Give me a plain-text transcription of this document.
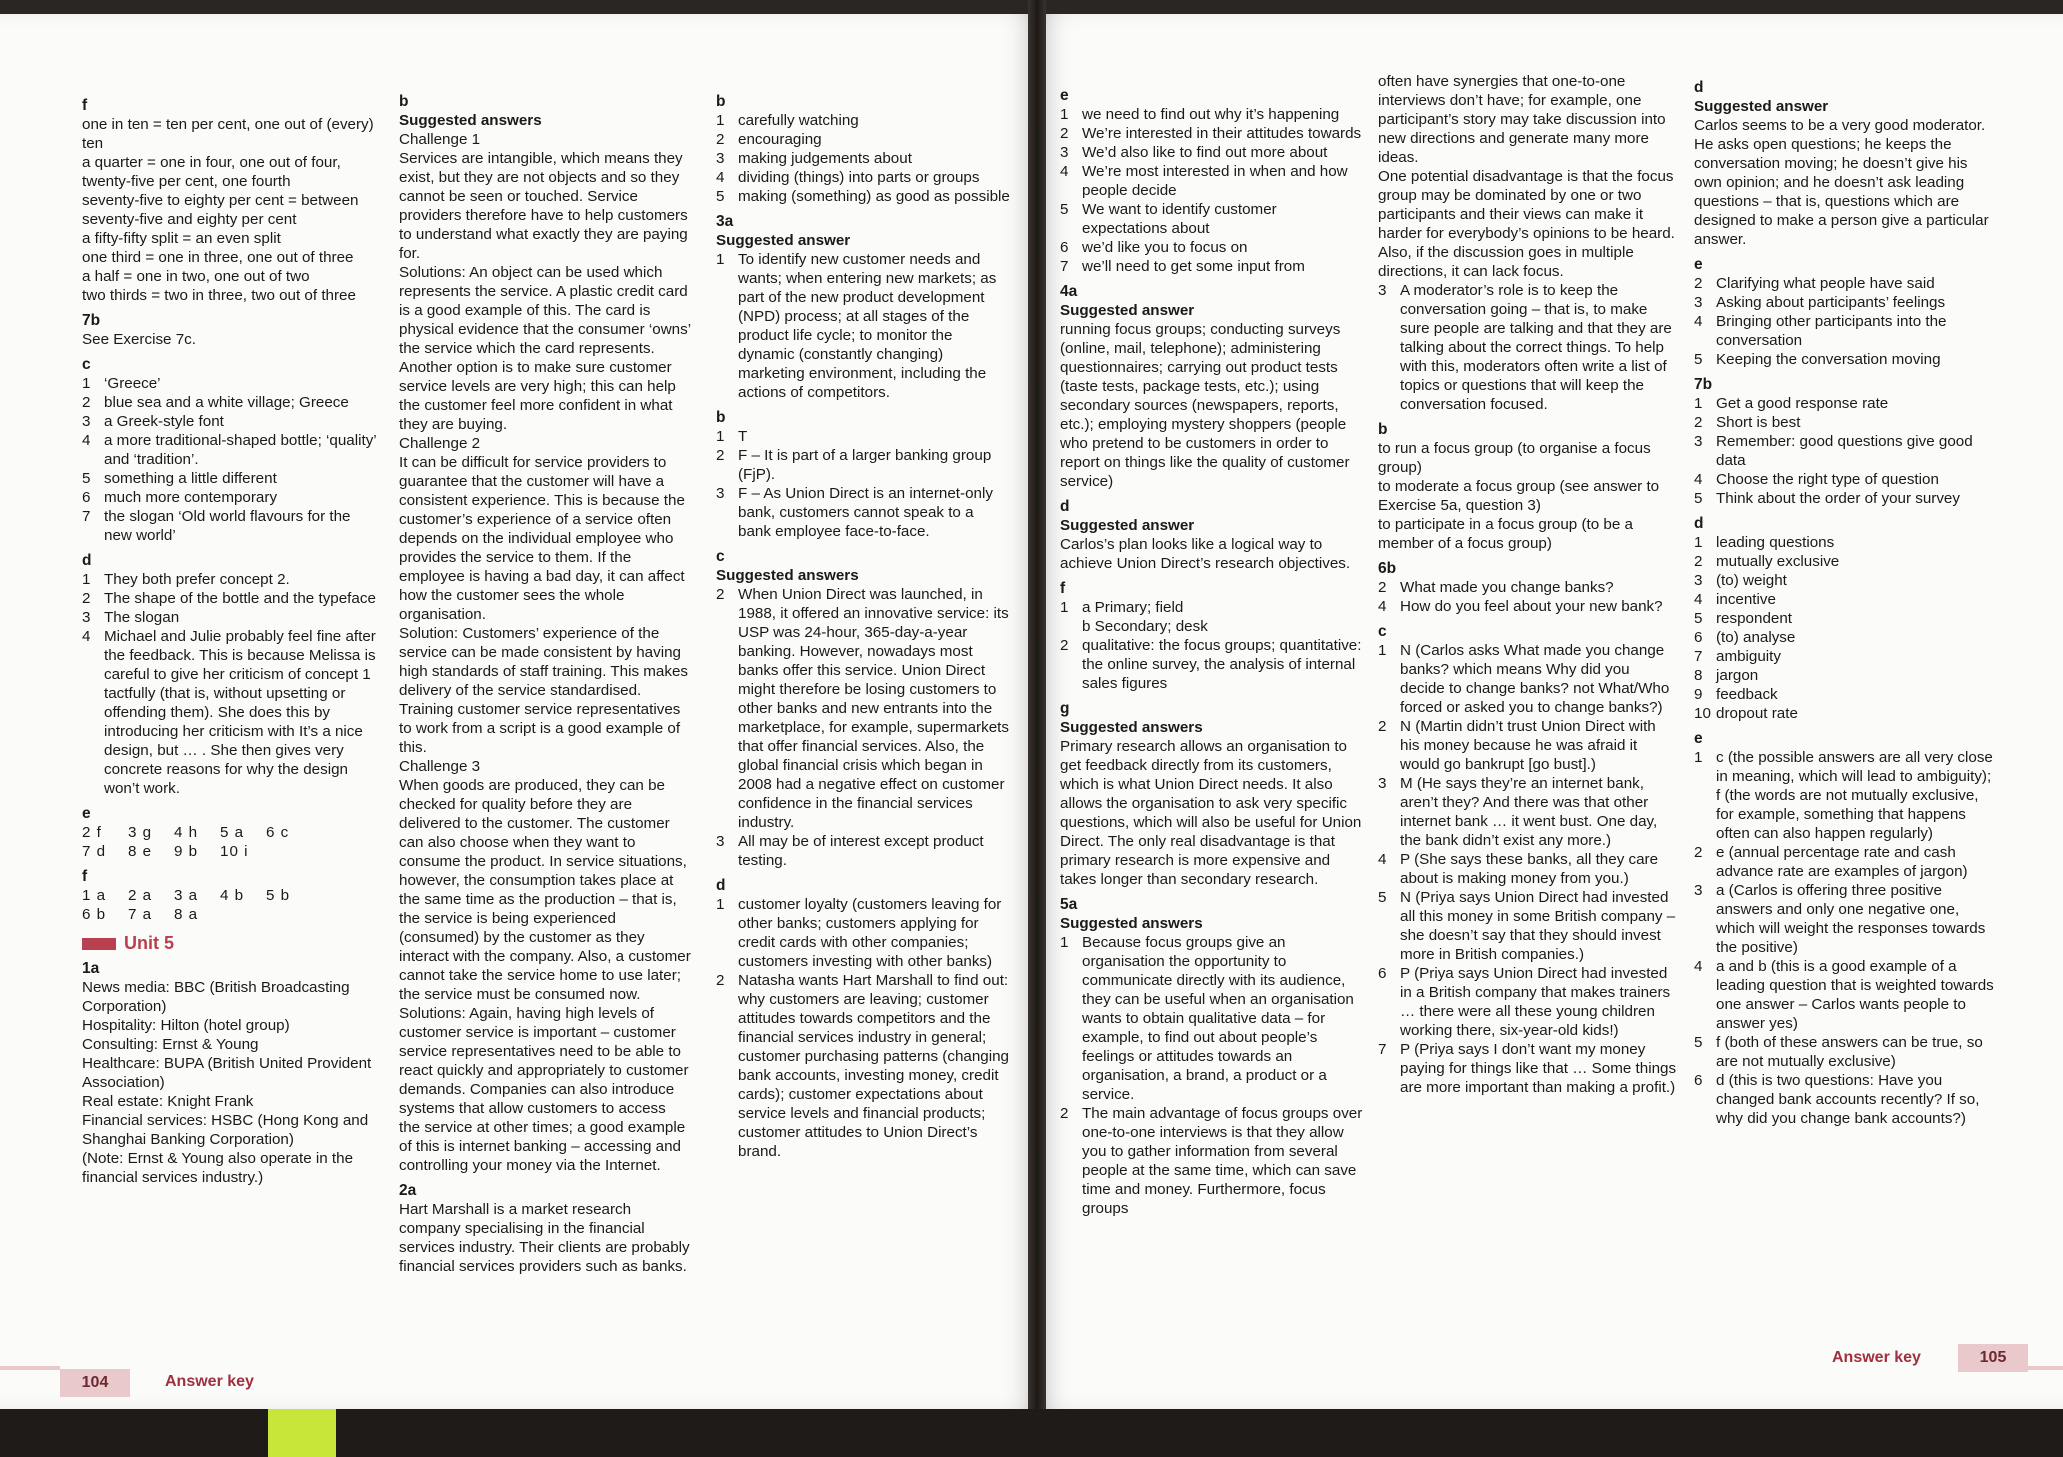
f

one in ten = ten per cent, one out of (every) ten

a quarter = one in four, one out of four, twenty-five per cent, one fourth

seventy-five to eighty per cent = between seventy-five and eighty per cent

a fifty-fifty split = an even split

one third = one in three, one out of three

a half = one in two, one out of two

two thirds = two in three, two out of three

7b

See Exercise 7c.

c

1 ‘Greece’
2 blue sea and a white village; Greece
3 a Greek-style font
4 a more traditional-shaped bottle; ‘quality’ and ‘tradition’.
5 something a little different
6 much more contemporary
7 the slogan ‘Old world flavours for the new world’

d

1 They both prefer concept 2.
2 The shape of the bottle and the typeface
3 The slogan
4 Michael and Julie probably feel fine after the feedback. This is because Melissa is careful to give her criticism of concept 1 tactfully (that is, without upsetting or offending them). She does this by introducing her criticism with It’s a nice design, but … . She then gives very concrete reasons for why the design won’t work.

e

2 f	3 g	4 h	5 a	6 c
7 d	8 e	9 b	10 i

f

1 a	2 a	3 a	4 b	5 b
6 b	7 a	8 a

Unit 5

1a

News media: BBC (British Broadcasting Corporation)

Hospitality: Hilton (hotel group)

Consulting: Ernst & Young

Healthcare: BUPA (British United Provident Association)

Real estate: Knight Frank

Financial services: HSBC (Hong Kong and Shanghai Banking Corporation)

(Note: Ernst & Young also operate in the financial services industry.)

b

Suggested answers

Challenge 1

Services are intangible, which means they exist, but they are not objects and so they cannot be seen or touched. Service providers therefore have to help customers to understand what exactly they are paying for.

Solutions: An object can be used which represents the service. A plastic credit card is a good example of this. The card is physical evidence that the consumer ‘owns’ the service which the card represents. Another option is to make sure customer service levels are very high; this can help the customer feel more confident in what they are buying.

Challenge 2

It can be difficult for service providers to guarantee that the customer will have a consistent experience. This is because the customer’s experience of a service often depends on the individual employee who provides the service to them. If the employee is having a bad day, it can affect how the customer sees the whole organisation.

Solution: Customers’ experience of the service can be made consistent by having high standards of staff training. This makes delivery of the service standardised. Training customer service representatives to work from a script is a good example of this.

Challenge 3

When goods are produced, they can be checked for quality before they are delivered to the customer. The customer can also choose when they want to consume the product. In service situations, however, the consumption takes place at the same time as the production – that is, the service is being experienced (consumed) by the customer as they interact with the company. Also, a customer cannot take the service home to use later; the service must be consumed now.

Solutions: Again, having high levels of customer service is important – customer service representatives need to be able to react quickly and appropriately to customer demands. Companies can also introduce systems that allow customers to access the service at other times; a good example of this is internet banking – accessing and controlling your money via the Internet.

2a

Hart Marshall is a market research company specialising in the financial services industry. Their clients are probably financial services providers such as banks.

b

1 carefully watching
2 encouraging
3 making judgements about
4 dividing (things) into parts or groups
5 making (something) as good as possible

3a

Suggested answer

1 To identify new customer needs and wants; when entering new markets; as part of the new product development (NPD) process; at all stages of the product life cycle; to monitor the dynamic (constantly changing) marketing environment, including the actions of competitors.

b

1 T
2 F – It is part of a larger banking group (FjP).
3 F – As Union Direct is an internet-only bank, customers cannot speak to a bank employee face-to-face.

c

Suggested answers

2 When Union Direct was launched, in 1988, it offered an innovative service: its USP was 24-hour, 365-day-a-year banking. However, nowadays most banks offer this service. Union Direct might therefore be losing customers to other banks and new entrants into the marketplace, for example, supermarkets that offer financial services. Also, the global financial crisis which began in 2008 had a negative effect on customer confidence in the financial services industry.
3 All may be of interest except product testing.

d

1 customer loyalty (customers leaving for other banks; customers applying for credit cards with other companies; customers investing with other banks)
2 Natasha wants Hart Marshall to find out: why customers are leaving; customer attitudes towards competitors and the financial services industry in general; customer purchasing patterns (changing bank accounts, investing money, credit cards); customer expectations about service levels and financial products; customer attitudes to Union Direct’s brand.
104	Answer key

e

1 we need to find out why it’s happening
2 We’re interested in their attitudes towards
3 We’d also like to find out more about
4 We’re most interested in when and how people decide
5 We want to identify customer expectations about
6 we’d like you to focus on
7 we’ll need to get some input from

4a

Suggested answer

running focus groups; conducting surveys (online, mail, telephone); administering questionnaires; carrying out product tests (taste tests, package tests, etc.); using secondary sources (newspapers, reports, etc.); employing mystery shoppers (people who pretend to be customers in order to report on things like the quality of customer service)

d

Suggested answer

Carlos’s plan looks like a logical way to achieve Union Direct’s research objectives.

f

1 a Primary; field
b Secondary; desk
2 qualitative: the focus groups; quantitative: the online survey, the analysis of internal sales figures

g

Suggested answers

Primary research allows an organisation to get feedback directly from its customers, which is what Union Direct needs. It also allows the organisation to ask very specific questions, which will also be useful for Union Direct. The only real disadvantage is that primary research is more expensive and takes longer than secondary research.

5a

Suggested answers

1 Because focus groups give an organisation the opportunity to communicate directly with its audience, they can be useful when an organisation wants to obtain qualitative data – for example, to find out about people’s feelings or attitudes towards an organisation, a brand, a product or a service.
2 The main advantage of focus groups over one-to-one interviews is that they allow you to gather information from several people at the same time, which can save time and money. Furthermore, focus groups

often have synergies that one-to-one interviews don’t have; for example, one participant’s story may take discussion into new directions and generate many more ideas.

One potential disadvantage is that the focus group may be dominated by one or two participants and their views can make it harder for everybody’s opinions to be heard. Also, if the discussion goes in multiple directions, it can lack focus.

3 A moderator’s role is to keep the conversation going – that is, to make sure people are talking and that they are talking about the correct things. To help with this, moderators often write a list of topics or questions that will keep the conversation focused.

b

to run a focus group (to organise a focus group)

to moderate a focus group (see answer to Exercise 5a, question 3)

to participate in a focus group (to be a member of a focus group)

6b

2 What made you change banks?
4 How do you feel about your new bank?

c

1 N (Carlos asks What made you change banks? which means Why did you decide to change banks? not What/Who forced or asked you to change banks?)
2 N (Martin didn’t trust Union Direct with his money because he was afraid it would go bankrupt [go bust].)
3 M (He says they’re an internet bank, aren’t they? And there was that other internet bank … it went bust. One day, the bank didn’t exist any more.)
4 P (She says these banks, all they care about is making money from you.)
5 N (Priya says Union Direct had invested all this money in some British company – she doesn’t say that they should invest more in British companies.)
6 P (Priya says Union Direct had invested in a British company that makes trainers … there were all these young children working there, six-year-old kids!)
7 P (Priya says I don’t want my money paying for things like that … Some things are more important than making a profit.)

d

Suggested answer

Carlos seems to be a very good moderator. He asks open questions; he keeps the conversation moving; he doesn’t give his own opinion; and he doesn’t ask leading questions – that is, questions which are designed to make a person give a particular answer.

e

2 Clarifying what people have said
3 Asking about participants’ feelings
4 Bringing other participants into the conversation
5 Keeping the conversation moving

7b

1 Get a good response rate
2 Short is best
3 Remember: good questions give good data
4 Choose the right type of question
5 Think about the order of your survey

d

1 leading questions
2 mutually exclusive
3 (to) weight
4 incentive
5 respondent
6 (to) analyse
7 ambiguity
8 jargon
9 feedback
10 dropout rate

e

1 c (the possible answers are all very close in meaning, which will lead to ambiguity); f (the words are not mutually exclusive, for example, something that happens often can also happen regularly)
2 e (annual percentage rate and cash advance rate are examples of jargon)
3 a (Carlos is offering three positive answers and only one negative one, which will weight the responses towards the positive)
4 a and b (this is a good example of a leading question that is weighted towards one answer – Carlos wants people to answer yes)
5 f (both of these answers can be true, so are not mutually exclusive)
6 d (this is two questions: Have you changed bank accounts recently? If so, why did you change bank accounts?)
Answer key	105
